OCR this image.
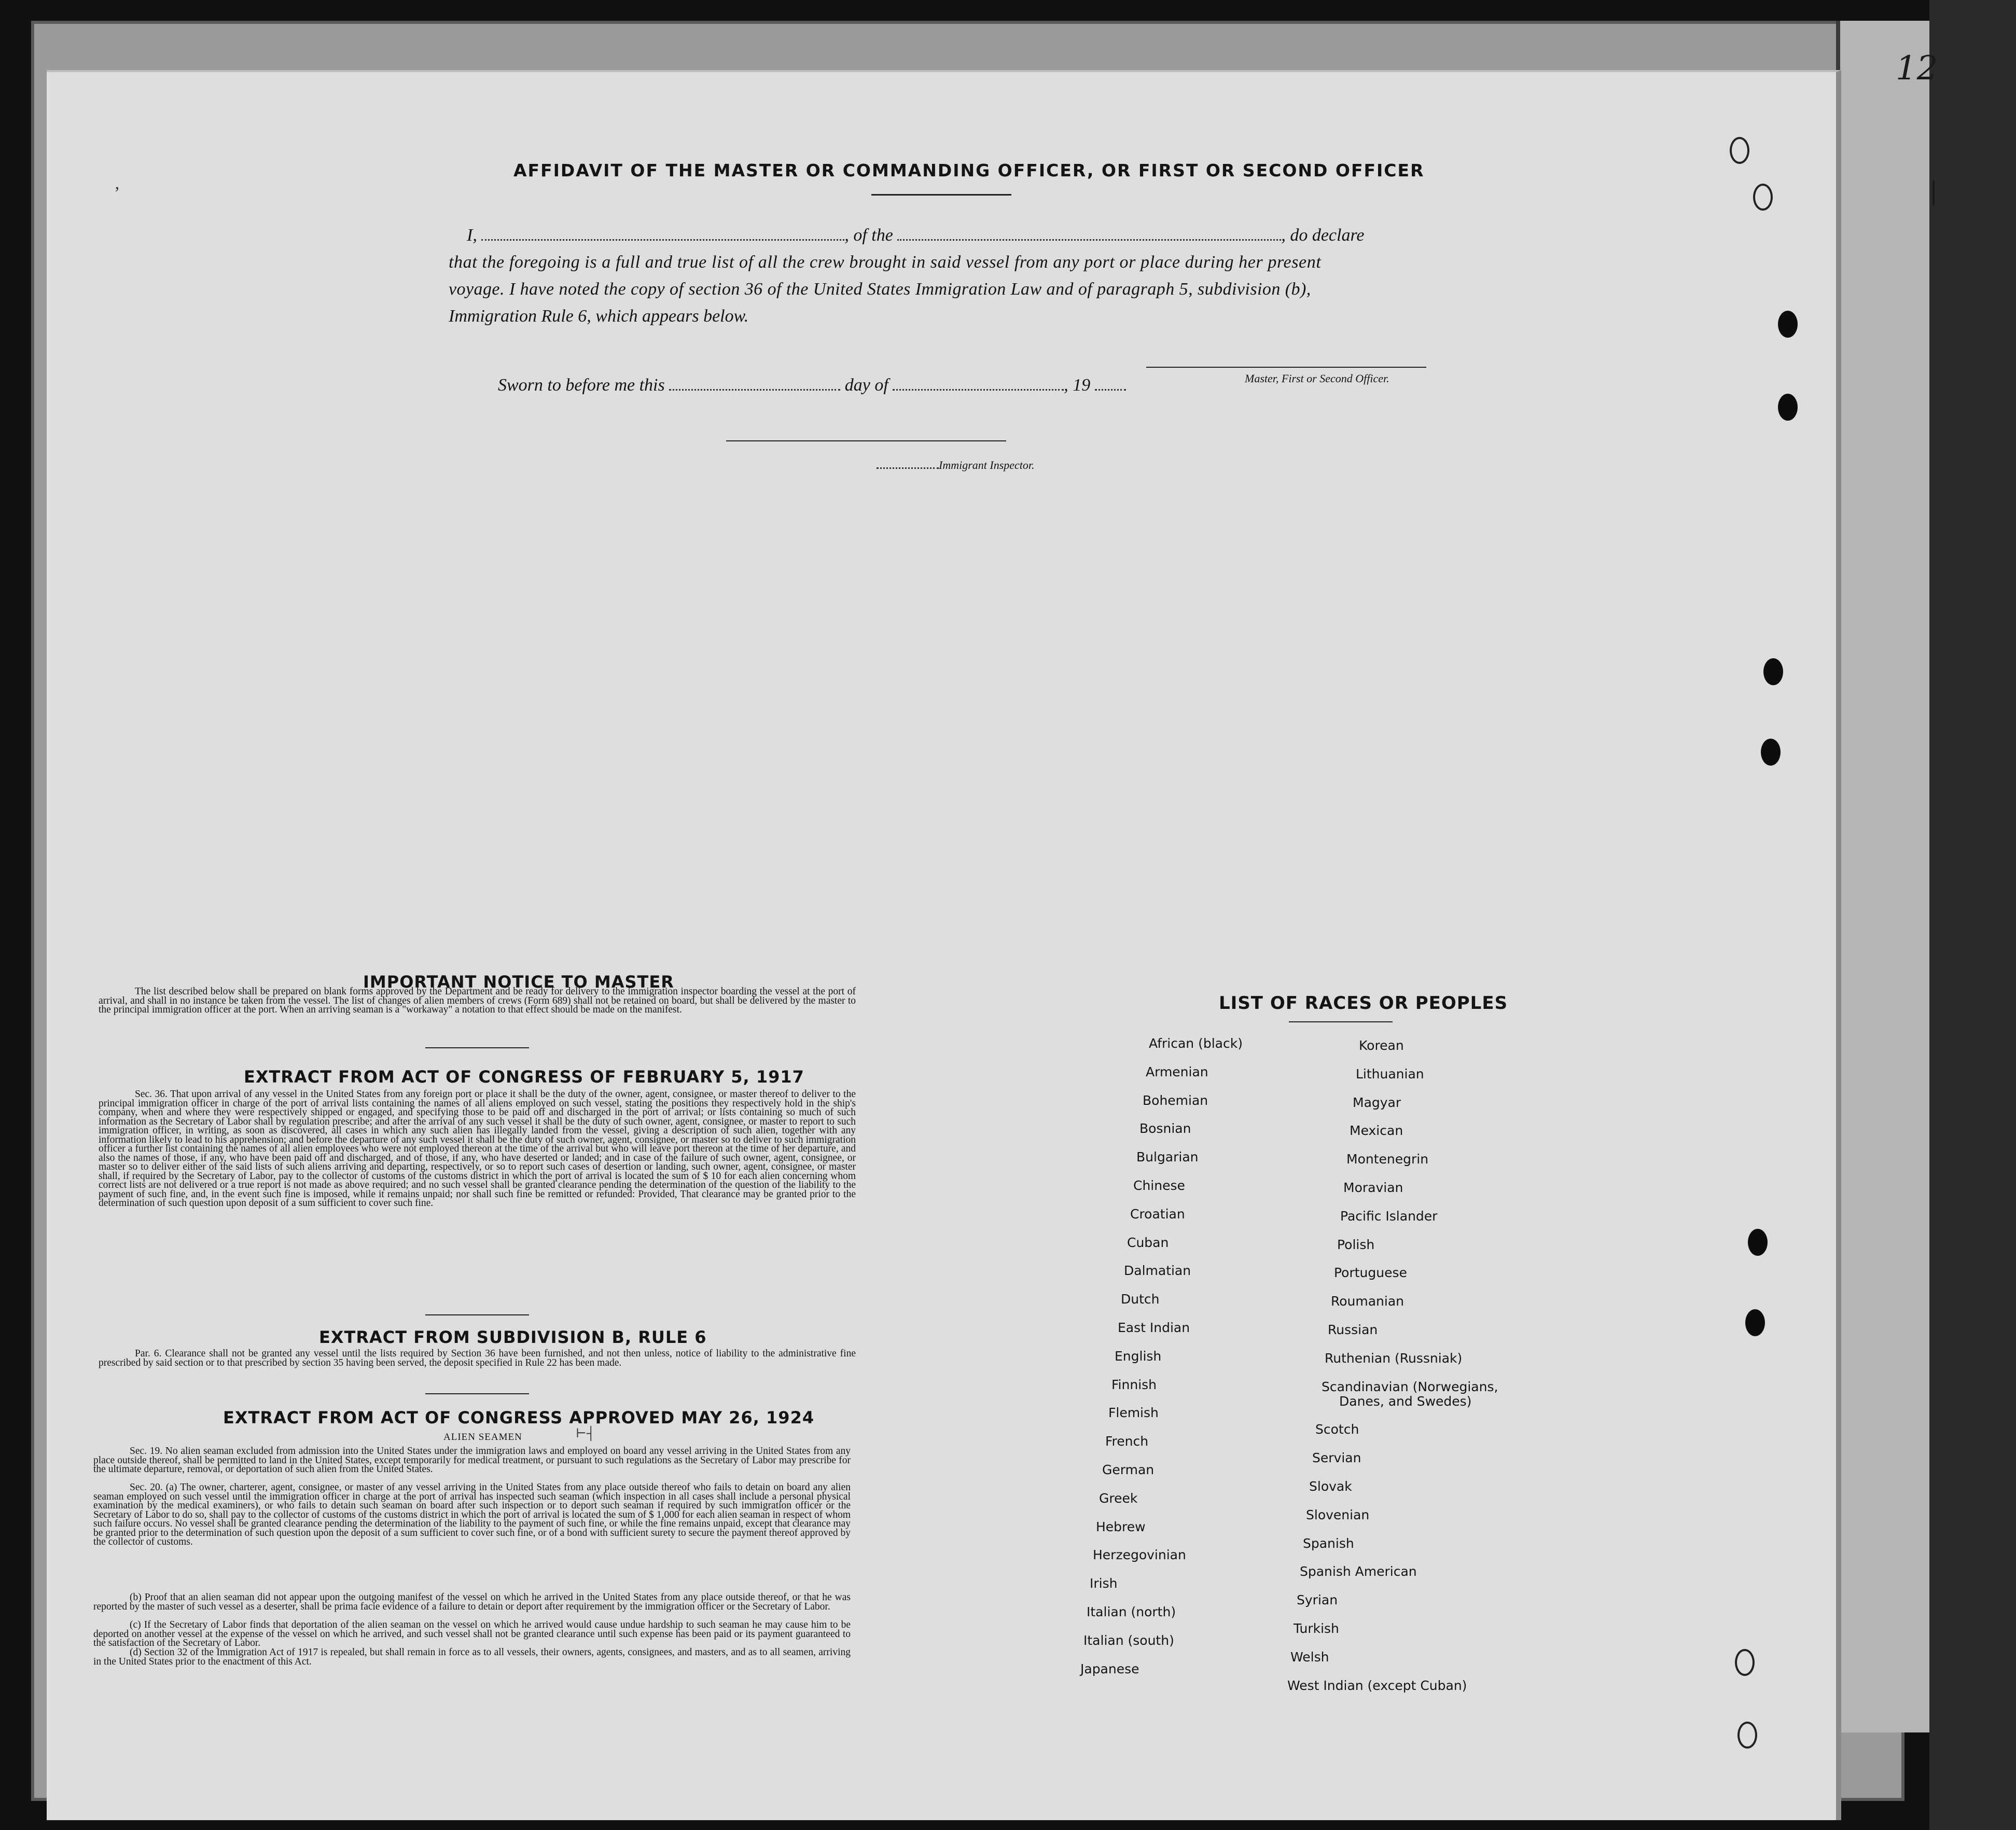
12
|
ʼ
AFFIDAVIT OF THE MASTER OR COMMANDING OFFICER, OR FIRST OR SECOND OFFICER
I,	, of the	, do declare
that the foregoing is a full and true list of all the crew brought in said vessel from any port or place during her present
voyage. I have noted the copy of section 36 of the United States Immigration Law and of paragraph 5, subdivision (b),
Immigration Rule 6, which appears below.
Master, First or Second Officer.
Sworn to before me this	day of	, 19
Immigrant Inspector.
IMPORTANT NOTICE TO MASTER
The list described below shall be prepared on blank forms approved by the Department and be ready for delivery to the immigration inspector boarding the vessel at the port of arrival, and shall in no instance be taken from the vessel. The list of changes of alien members of crews (Form 689) shall not be retained on board, but shall be delivered by the master to the principal immigration officer at the port. When an arriving seaman is a "workaway" a notation to that effect should be made on the manifest.
EXTRACT FROM ACT OF CONGRESS OF FEBRUARY 5, 1917
Sec. 36. That upon arrival of any vessel in the United States from any foreign port or place it shall be the duty of the owner, agent, consignee, or master thereof to deliver to the principal immigration officer in charge of the port of arrival lists containing the names of all aliens employed on such vessel, stating the positions they respectively hold in the ship's company, when and where they were respectively shipped or engaged, and specifying those to be paid off and discharged in the port of arrival; or lists containing so much of such information as the Secretary of Labor shall by regulation prescribe; and after the arrival of any such vessel it shall be the duty of such owner, agent, consignee, or master to report to such immigration officer, in writing, as soon as discovered, all cases in which any such alien has illegally landed from the vessel, giving a description of such alien, together with any information likely to lead to his apprehension; and before the departure of any such vessel it shall be the duty of such owner, agent, consignee, or master so to deliver to such immigration officer a further list containing the names of all alien employees who were not employed thereon at the time of the arrival but who will leave port thereon at the time of her departure, and also the names of those, if any, who have been paid off and discharged, and of those, if any, who have deserted or landed; and in case of the failure of such owner, agent, consignee, or master so to deliver either of the said lists of such aliens arriving and departing, respectively, or so to report such cases of desertion or landing, such owner, agent, consignee, or master shall, if required by the Secretary of Labor, pay to the collector of customs of the customs district in which the port of arrival is located the sum of $ 10 for each alien concerning whom correct lists are not delivered or a true report is not made as above required; and no such vessel shall be granted clearance pending the determination of the question of the liability to the payment of such fine, and, in the event such fine is imposed, while it remains unpaid; nor shall such fine be remitted or refunded: Provided, That clearance may be granted prior to the determination of such question upon deposit of a sum sufficient to cover such fine.
EXTRACT FROM SUBDIVISION B, RULE 6
Par. 6. Clearance shall not be granted any vessel until the lists required by Section 36 have been furnished, and not then unless, notice of liability to the administrative fine prescribed by said section or to that prescribed by section 35 having been served, the deposit specified in Rule 22 has been made.
EXTRACT FROM ACT OF CONGRESS APPROVED MAY 26, 1924
ALIEN SEAMEN	⊢┤
Sec. 19. No alien seaman excluded from admission into the United States under the immigration laws and employed on board any vessel arriving in the United States from any place outside thereof, shall be permitted to land in the United States, except temporarily for medical treatment, or pursuant to such regulations as the Secretary of Labor may prescribe for the ultimate departure, removal, or deportation of such alien from the United States.
Sec. 20. (a) The owner, charterer, agent, consignee, or master of any vessel arriving in the United States from any place outside thereof who fails to detain on board any alien seaman employed on such vessel until the immigration officer in charge at the port of arrival has inspected such seaman (which inspection in all cases shall include a personal physical examination by the medical examiners), or who fails to detain such seaman on board after such inspection or to deport such seaman if required by such immigration officer or the Secretary of Labor to do so, shall pay to the collector of customs of the customs district in which the port of arrival is located the sum of $ 1,000 for each alien seaman in respect of whom such failure occurs. No vessel shall be granted clearance pending the determination of the liability to the payment of such fine, or while the fine remains unpaid, except that clearance may be granted prior to the determination of such question upon the deposit of a sum sufficient to cover such fine, or of a bond with sufficient surety to secure the payment thereof approved by the collector of customs.
(b) Proof that an alien seaman did not appear upon the outgoing manifest of the vessel on which he arrived in the United States from any place outside thereof, or that he was reported by the master of such vessel as a deserter, shall be prima facie evidence of a failure to detain or deport after requirement by the immigration officer or the Secretary of Labor.
(c) If the Secretary of Labor finds that deportation of the alien seaman on the vessel on which he arrived would cause undue hardship to such seaman he may cause him to be deported on another vessel at the expense of the vessel on which he arrived, and such vessel shall not be granted clearance until such expense has been paid or its payment guaranteed to the satisfaction of the Secretary of Labor.
(d) Section 32 of the Immigration Act of 1917 is repealed, but shall remain in force as to all vessels, their owners, agents, consignees, and masters, and as to all seamen, arriving in the United States prior to the enactment of this Act.
LIST OF RACES OR PEOPLES
African (black)
Armenian
Bohemian
Bosnian
Bulgarian
Chinese
Croatian
Cuban
Dalmatian
Dutch
East Indian
English
Finnish
Flemish
French
German
Greek
Hebrew
Herzegovinian
Irish
Italian (north)
Italian (south)
Japanese
Korean
Lithuanian
Magyar
Mexican
Montenegrin
Moravian
Pacific Islander
Polish
Portuguese
Roumanian
Russian
Ruthenian (Russniak)
Scandinavian (Norwegians,
Danes, and Swedes)
Scotch
Servian
Slovak
Slovenian
Spanish
Spanish American
Syrian
Turkish
Welsh
West Indian (except Cuban)
